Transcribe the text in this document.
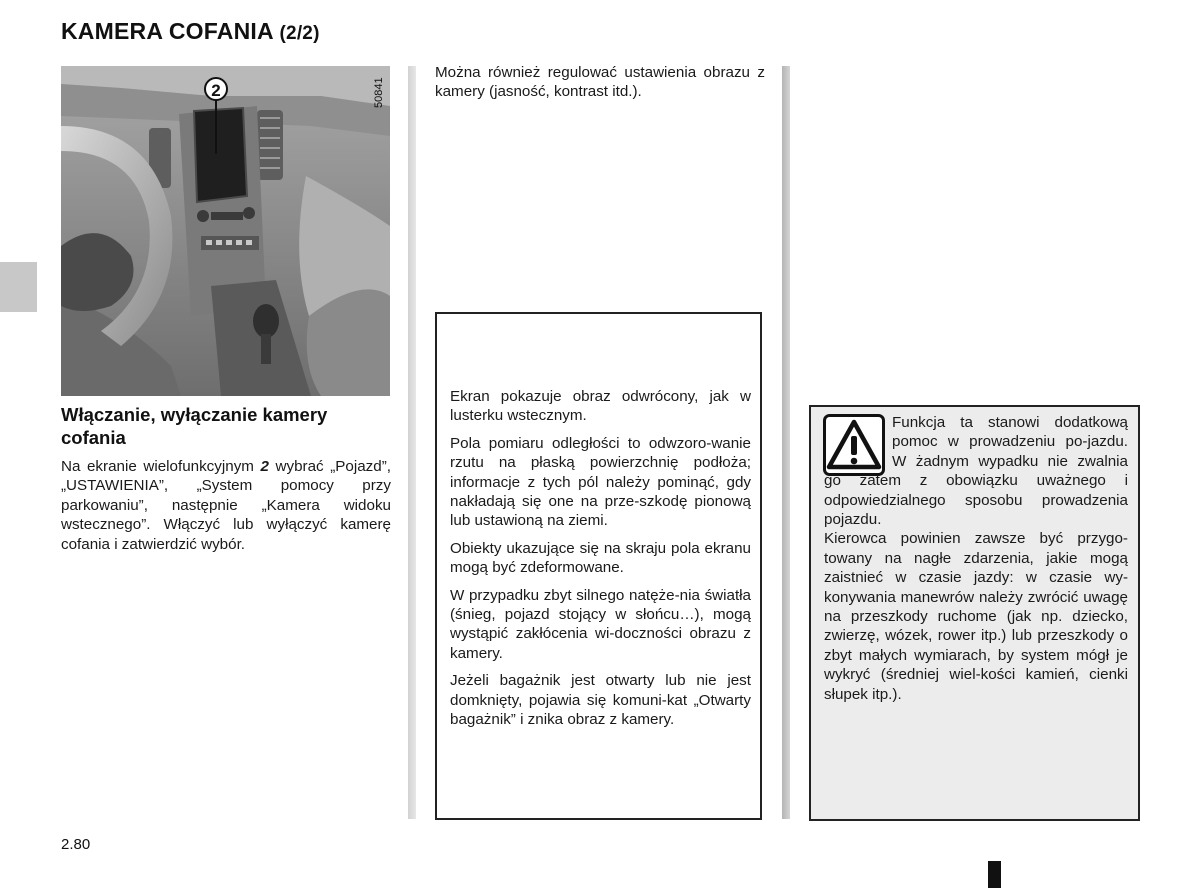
KAMERA COFANIA (2/2)
2	50841
Włączanie, wyłączanie kamery cofania

Na ekranie wielofunkcyjnym 2 wybrać „Pojazd”, „USTAWIENIA”, „System pomocy przy parkowaniu”, następnie „Kamera widoku wstecznego”. Włączyć lub wyłączyć kamerę cofania i zatwierdzić wybór.

Można również regulować ustawienia obrazu z kamery (jasność, kontrast itd.).

Ekran pokazuje obraz odwrócony, jak w lusterku wstecznym.

Pola pomiaru odległości to odwzoro-wanie rzutu na płaską powierzchnię podłoża; informacje z tych pól należy pominąć, gdy nakładają się one na prze-szkodę pionową lub ustawioną na ziemi.

Obiekty ukazujące się na skraju pola ekranu mogą być zdeformowane.

W przypadku zbyt silnego natęże-nia światła (śnieg, pojazd stojący w słońcu…), mogą wystąpić zakłócenia wi-doczności obrazu z kamery.

Jeżeli bagażnik jest otwarty lub nie jest domknięty, pojawia się komuni-kat „Otwarty bagażnik” i znika obraz z kamery.

Funkcja ta stanowi dodatkową pomoc w prowadzeniu po-jazdu. W żadnym wypadku nie zwalnia go zatem z obowiązku uważnego i odpowiedzialnego sposobu prowadzenia pojazdu.
Kierowca powinien zawsze być przygo-towany na nagłe zdarzenia, jakie mogą zaistnieć w czasie jazdy: w czasie wy-konywania manewrów należy zwrócić uwagę na przeszkody ruchome (jak np. dziecko, zwierzę, wózek, rower itp.) lub przeszkody o zbyt małych wymiarach, by system mógł je wykryć (średniej wiel-kości kamień, cienki słupek itp.).

2.80
